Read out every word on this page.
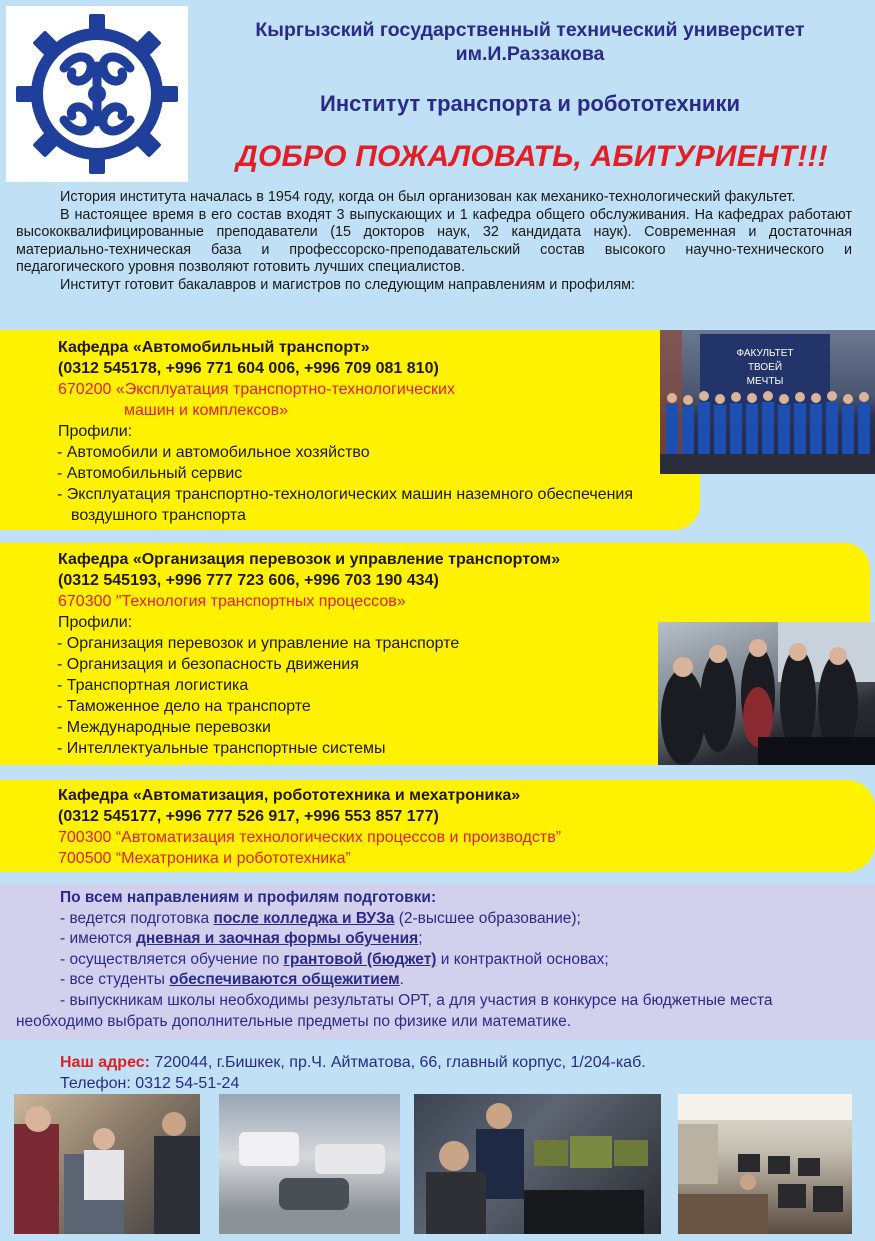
Кыргызский государственный технический университет
им.И.Раззакова
Институт транспорта и робототехники
ДОБРО ПОЖАЛОВАТЬ, АБИТУРИЕНТ!!!

История института началась в 1954 году, когда он был организован как механико-технологический факультет.

В настоящее время в его состав входят 3 выпускающих и 1 кафедра общего обслуживания. На кафедрах работают высококвалифицированные преподаватели (15 докторов наук, 32 кандидата наук). Современная и достаточная материально-техническая база и профессорско-преподавательский состав высокого научно-технического и педагогического уровня позволяют готовить лучших специалистов.

Институт готовит бакалавров и магистров по следующим направлениям и профилям:

ФАКУЛЬТЕТ
ТВОЕЙ
МЕЧТЫ
Кафедра «Автомобильный транспорт»
(0312 545178, +996 771 604 006, +996 709 081 810)
670200 «Эксплуатация транспортно-технологических
машин и комплексов»
Профили:
- Автомобили и автомобильное хозяйство
- Автомобильный сервис
- Эксплуатация транспортно-технологических машин наземного обеспечения
воздушного транспорта
Кафедра «Организация перевозок и управление транспортом»
(0312 545193, +996 777 723 606, +996 703 190 434)
670300 "Технология транспортных процессов»
Профили:
- Организация перевозок и управление на транспорте
- Организация и безопасность движения
- Транспортная логистика
- Таможенное дело на транспорте
- Международные перевозки
- Интеллектуальные транспортные системы
Кафедра «Автоматизация, робототехника и мехатроника»
(0312 545177, +996 777 526 917, +996 553 857 177)
700300 “Автоматизация технологических процессов и производств”
700500 “Мехатроника и робототехника”
По всем направлениям и профилям подготовки:
- ведется подготовка после колледжа и ВУЗа (2-высшее образование);
- имеются дневная и заочная формы обучения;
- осуществляется обучение по грантовой (бюджет) и контрактной основах;
- все студенты обеспечиваются общежитием.
- выпускникам школы необходимы результаты ОРТ, а для участия в конкурсе на бюджетные места необходимо выбрать дополнительные предметы по физике или математике.
Наш адрес: 720044, г.Бишкек, пр.Ч. Айтматова, 66, главный корпус, 1/204-каб.
Телефон: 0312 54-51-24
